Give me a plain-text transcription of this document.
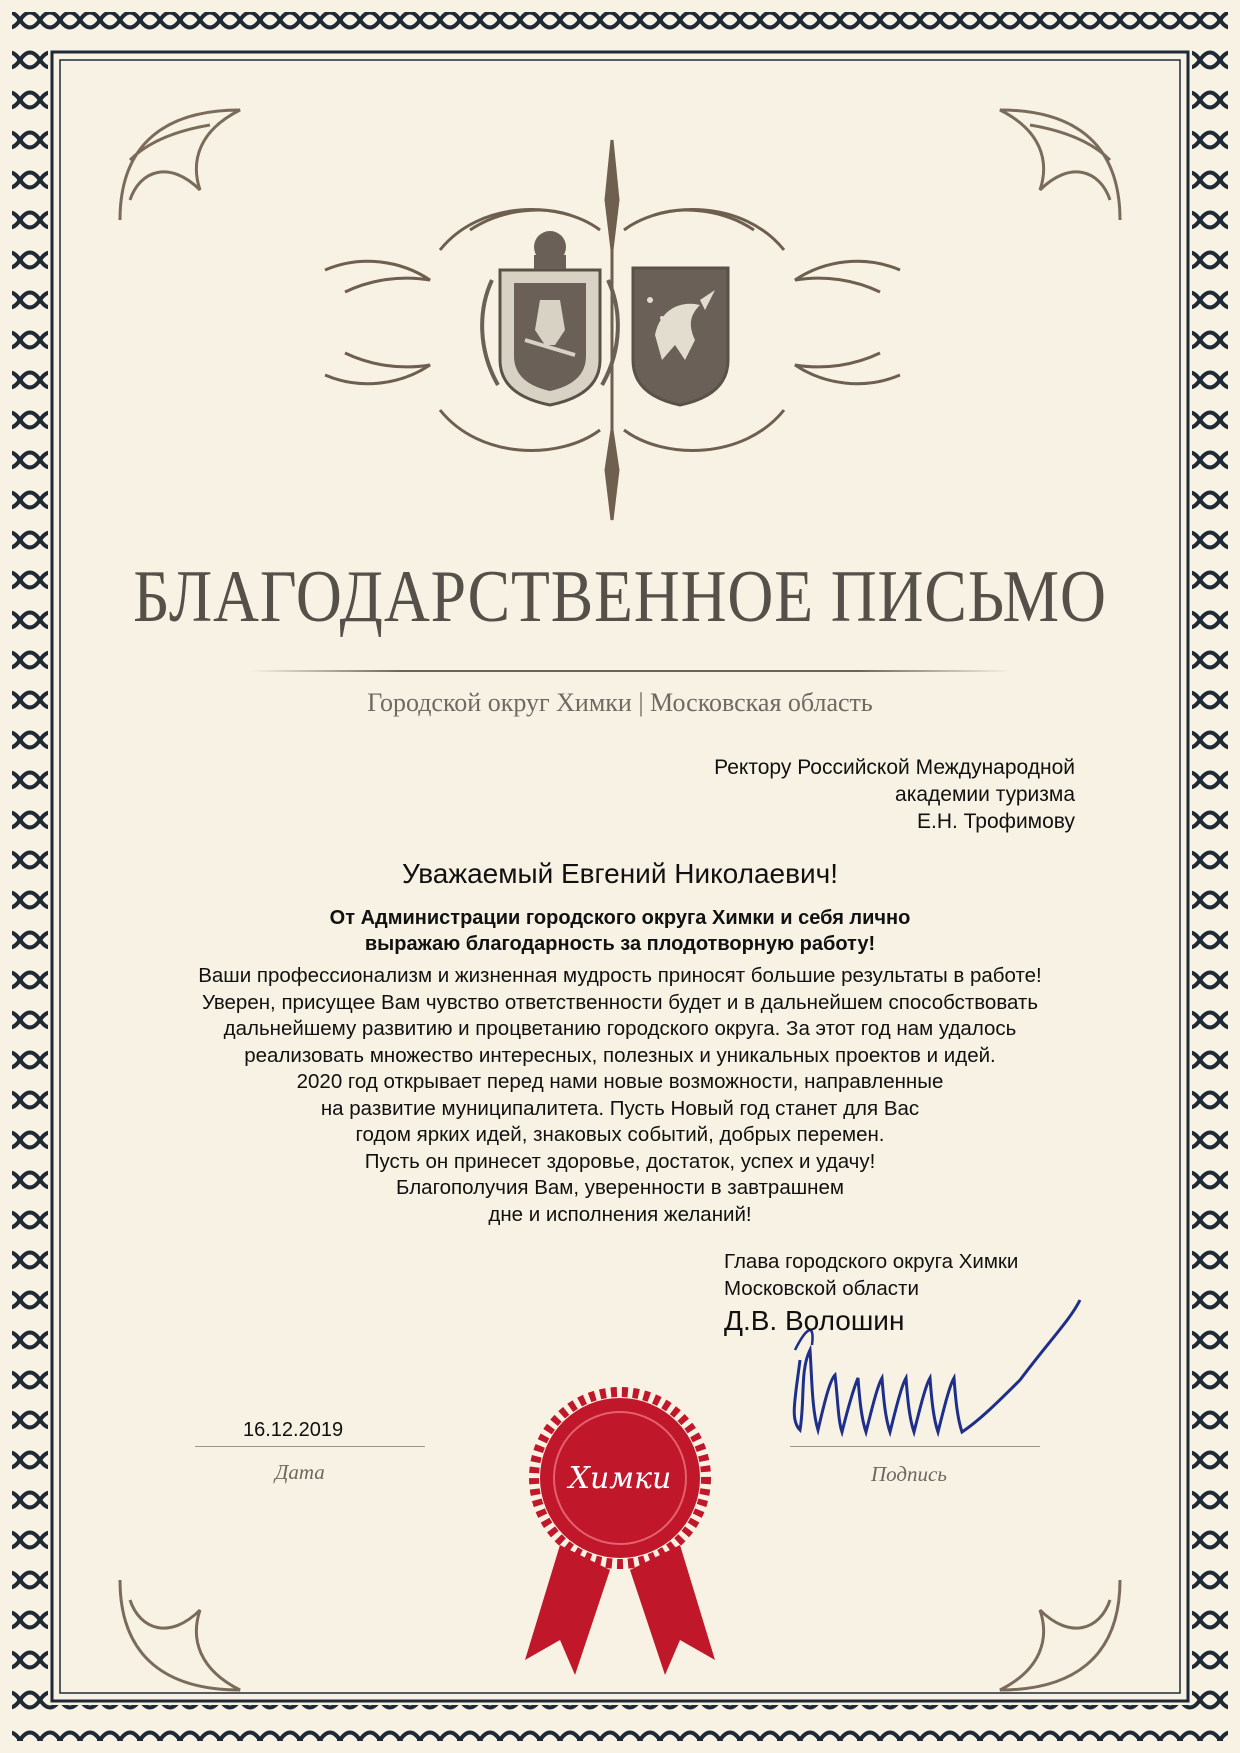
БЛАГОДАРСТВЕННОЕ ПИСЬМО
Городской округ Химки | Московская область
Ректору Российской Международной
академии туризма
Е.Н. Трофимову
Уважаемый Евгений Николаевич!
От Администрации городского округа Химки и себя лично
выражаю благодарность за плодотворную работу!
Ваши профессионализм и жизненная мудрость приносят большие результаты в работе!
Уверен, присущее Вам чувство ответственности будет и в дальнейшем способствовать
дальнейшему развитию и процветанию городского округа. За этот год нам удалось
реализовать множество интересных, полезных и уникальных проектов и идей.
2020 год открывает перед нами новые возможности, направленные
на развитие муниципалитета. Пусть Новый год станет для Вас
годом ярких идей, знаковых событий, добрых перемен.
Пусть он принесет здоровье, достаток, успех и удачу!
Благополучия Вам, уверенности в завтрашнем
дне и исполнения желаний!
Глава городского округа Химки
Московской области
Д.В. Волошин
16.12.2019
Дата	Подпись
Химки
